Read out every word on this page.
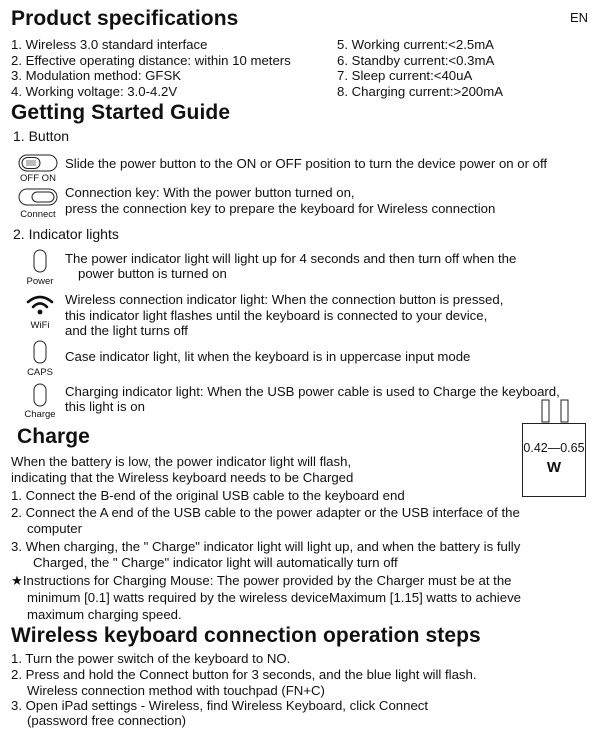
EN
Product specifications
1. Wireless 3.0 standard interface
2. Effective operating distance: within 10 meters
3. Modulation method: GFSK
4. Working voltage: 3.0-4.2V
5. Working current:<2.5mA
6. Standby current:<0.3mA
7. Sleep current:<40uA
8. Charging current:>200mA
Getting Started Guide
1. Button
OFF ON
Slide the power button to the ON or OFF position to turn the device power on or off
Connect
Connection key: With the power button turned on,
press the connection key to prepare the keyboard for Wireless connection
2. Indicator lights
Power
The power indicator light will light up for 4 seconds and then turn off when the
power button is turned on
WiFi
Wireless connection indicator light: When the connection button is pressed,
this indicator light flashes until the keyboard is connected to your device,
and the light turns off
CAPS
Case indicator light, lit when the keyboard is in uppercase input mode
Charge
Charging indicator light: When the USB power cable is used to Charge the keyboard,
this light is on
Charge	0.42—0.65
W
When the battery is low, the power indicator light will flash,
indicating that the Wireless keyboard needs to be Charged
1. Connect the B-end of the original USB cable to the keyboard end
2. Connect the A end of the USB cable to the power adapter or the USB interface of the
computer
3. When charging, the " Charge" indicator light will light up, and when the battery is fully
Charged, the " Charge" indicator light will automatically turn off
★Instructions for Charging Mouse: The power provided by the Charger must be at the
minimum [0.1] watts required by the wireless deviceMaximum [1.15] watts to achieve
maximum charging speed.
Wireless keyboard connection operation steps
1. Turn the power switch of the keyboard to NO.
2. Press and hold the Connect button for 3 seconds, and the blue light will flash.
Wireless connection method with touchpad (FN+C)
3. Open iPad settings - Wireless, find Wireless Keyboard, click Connect
(password free connection)
